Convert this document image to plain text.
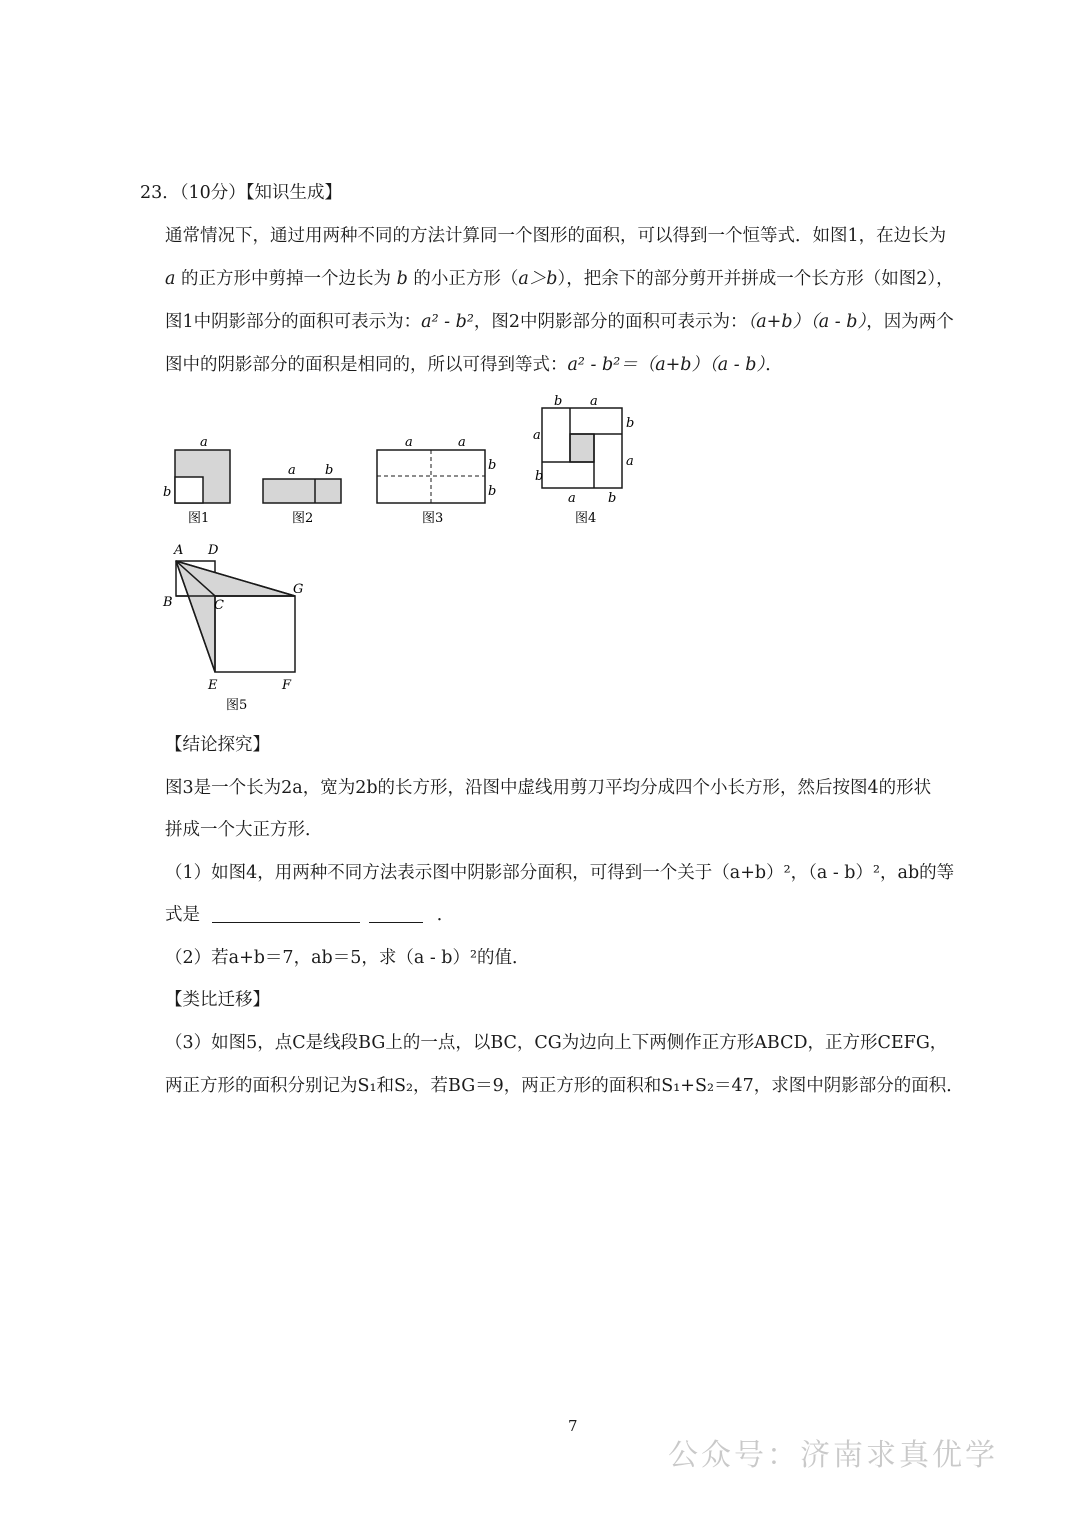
23．（10分）【知识生成】
通常情况下，通过用两种不同的方法计算同一个图形的面积，可以得到一个恒等式．如图1，在边长为
a 的正方形中剪掉一个边长为 b 的小正方形（a＞b），把余下的部分剪开并拼成一个长方形（如图2），
图1中阴影部分的面积可表示为：a² - b²，图2中阴影部分的面积可表示为：（a+b）（a - b），因为两个
图中的阴影部分的面积是相同的，所以可得到等式：a² - b²＝（a+b）（a - b）．
a
b
图1
a b
图2
a	a
b
b
图3
b a
a
b
b
a
a b
图4
A D
B	C
G
E	F
图5
【结论探究】
图3是一个长为2a，宽为2b的长方形，沿图中虚线用剪刀平均分成四个小长方形，然后按图4的形状
拼成一个大正方形．
（1）如图4，用两种不同方法表示图中阴影部分面积，可得到一个关于（a+b）²，（a - b）²，ab的等
式是	．
（2）若a+b＝7，ab＝5，求（a - b）²的值．
【类比迁移】
（3）如图5，点C是线段BG上的一点，以BC，CG为边向上下两侧作正方形ABCD，正方形CEFG，
两正方形的面积分别记为S₁和S₂，若BG＝9，两正方形的面积和S₁+S₂＝47，求图中阴影部分的面积．
7
公众号：济南求真优学
